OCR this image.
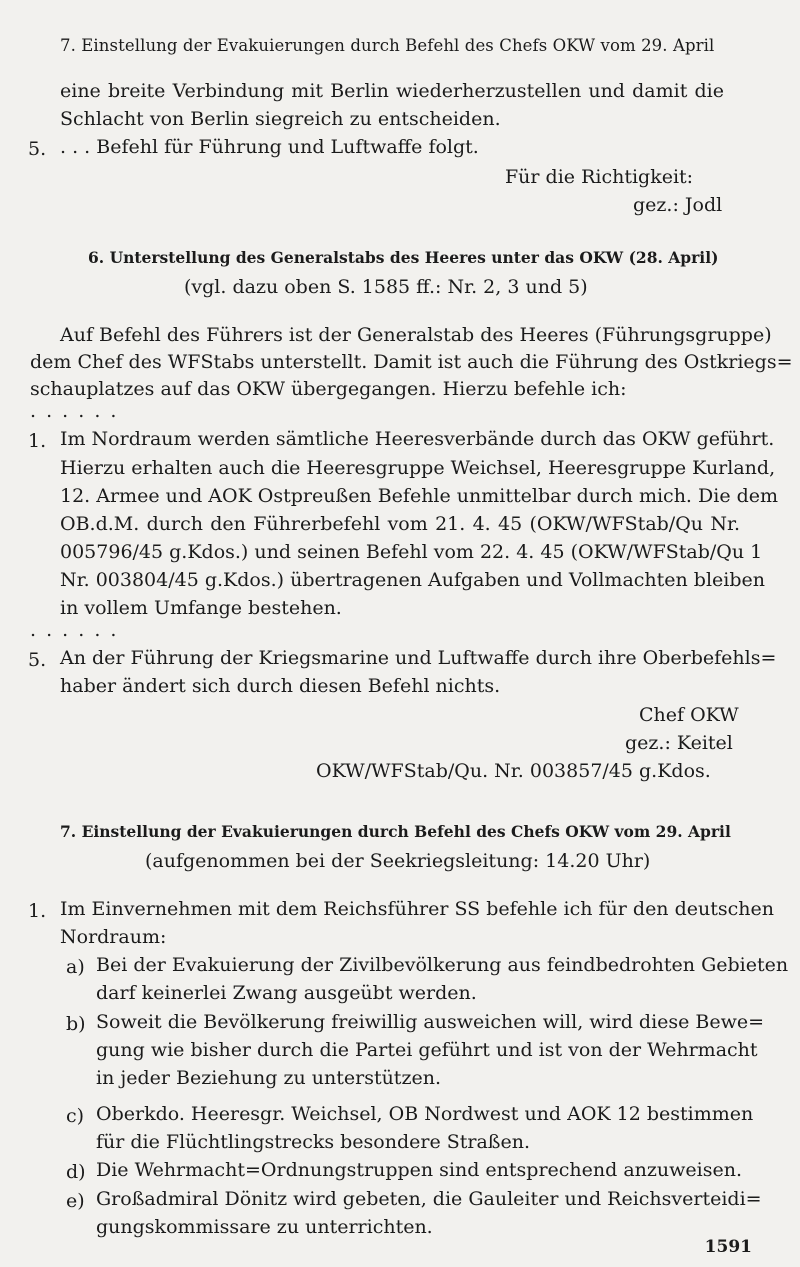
7. Einstellung der Evakuierungen durch Befehl des Chefs OKW vom 29. April
eine breite Verbindung mit Berlin wiederherzustellen und damit die
Schlacht von Berlin siegreich zu entscheiden.
5. . . . Befehl für Führung und Luftwaffe folgt.
Für die Richtigkeit:
gez.: Jodl
6. Unterstellung des Generalstabs des Heeres unter das OKW (28. April)
(vgl. dazu oben S. 1585 ff.: Nr. 2, 3 und 5)
Auf Befehl des Führers ist der Generalstab des Heeres (Führungsgruppe)
dem Chef des WFStabs unterstellt. Damit ist auch die Führung des Ostkriegs=
schauplatzes auf das OKW übergegangen. Hierzu befehle ich:
. . . . . .
1. Im Nordraum werden sämtliche Heeresverbände durch das OKW geführt.
Hierzu erhalten auch die Heeresgruppe Weichsel, Heeresgruppe Kurland,
12. Armee und AOK Ostpreußen Befehle unmittelbar durch mich. Die dem
OB.d.M. durch den Führerbefehl vom 21. 4. 45 (OKW/WFStab/Qu Nr.
005796/45 g.Kdos.) und seinen Befehl vom 22. 4. 45 (OKW/WFStab/Qu 1
Nr. 003804/45 g.Kdos.) übertragenen Aufgaben und Vollmachten bleiben
in vollem Umfange bestehen.
. . . . . .
5. An der Führung der Kriegsmarine und Luftwaffe durch ihre Oberbefehls=
haber ändert sich durch diesen Befehl nichts.
Chef OKW
gez.: Keitel
OKW/WFStab/Qu. Nr. 003857/45 g.Kdos.
7. Einstellung der Evakuierungen durch Befehl des Chefs OKW vom 29. April
(aufgenommen bei der Seekriegsleitung: 14.20 Uhr)
1. Im Einvernehmen mit dem Reichsführer SS befehle ich für den deutschen
Nordraum:
a) Bei der Evakuierung der Zivilbevölkerung aus feindbedrohten Gebieten
darf keinerlei Zwang ausgeübt werden.
b) Soweit die Bevölkerung freiwillig ausweichen will, wird diese Bewe=
gung wie bisher durch die Partei geführt und ist von der Wehrmacht
in jeder Beziehung zu unterstützen.
c) Oberkdo. Heeresgr. Weichsel, OB Nordwest und AOK 12 bestimmen
für die Flüchtlingstrecks besondere Straßen.
d) Die Wehrmacht=Ordnungstruppen sind entsprechend anzuweisen.
e) Großadmiral Dönitz wird gebeten, die Gauleiter und Reichsverteidi=
gungskommissare zu unterrichten.
1591
